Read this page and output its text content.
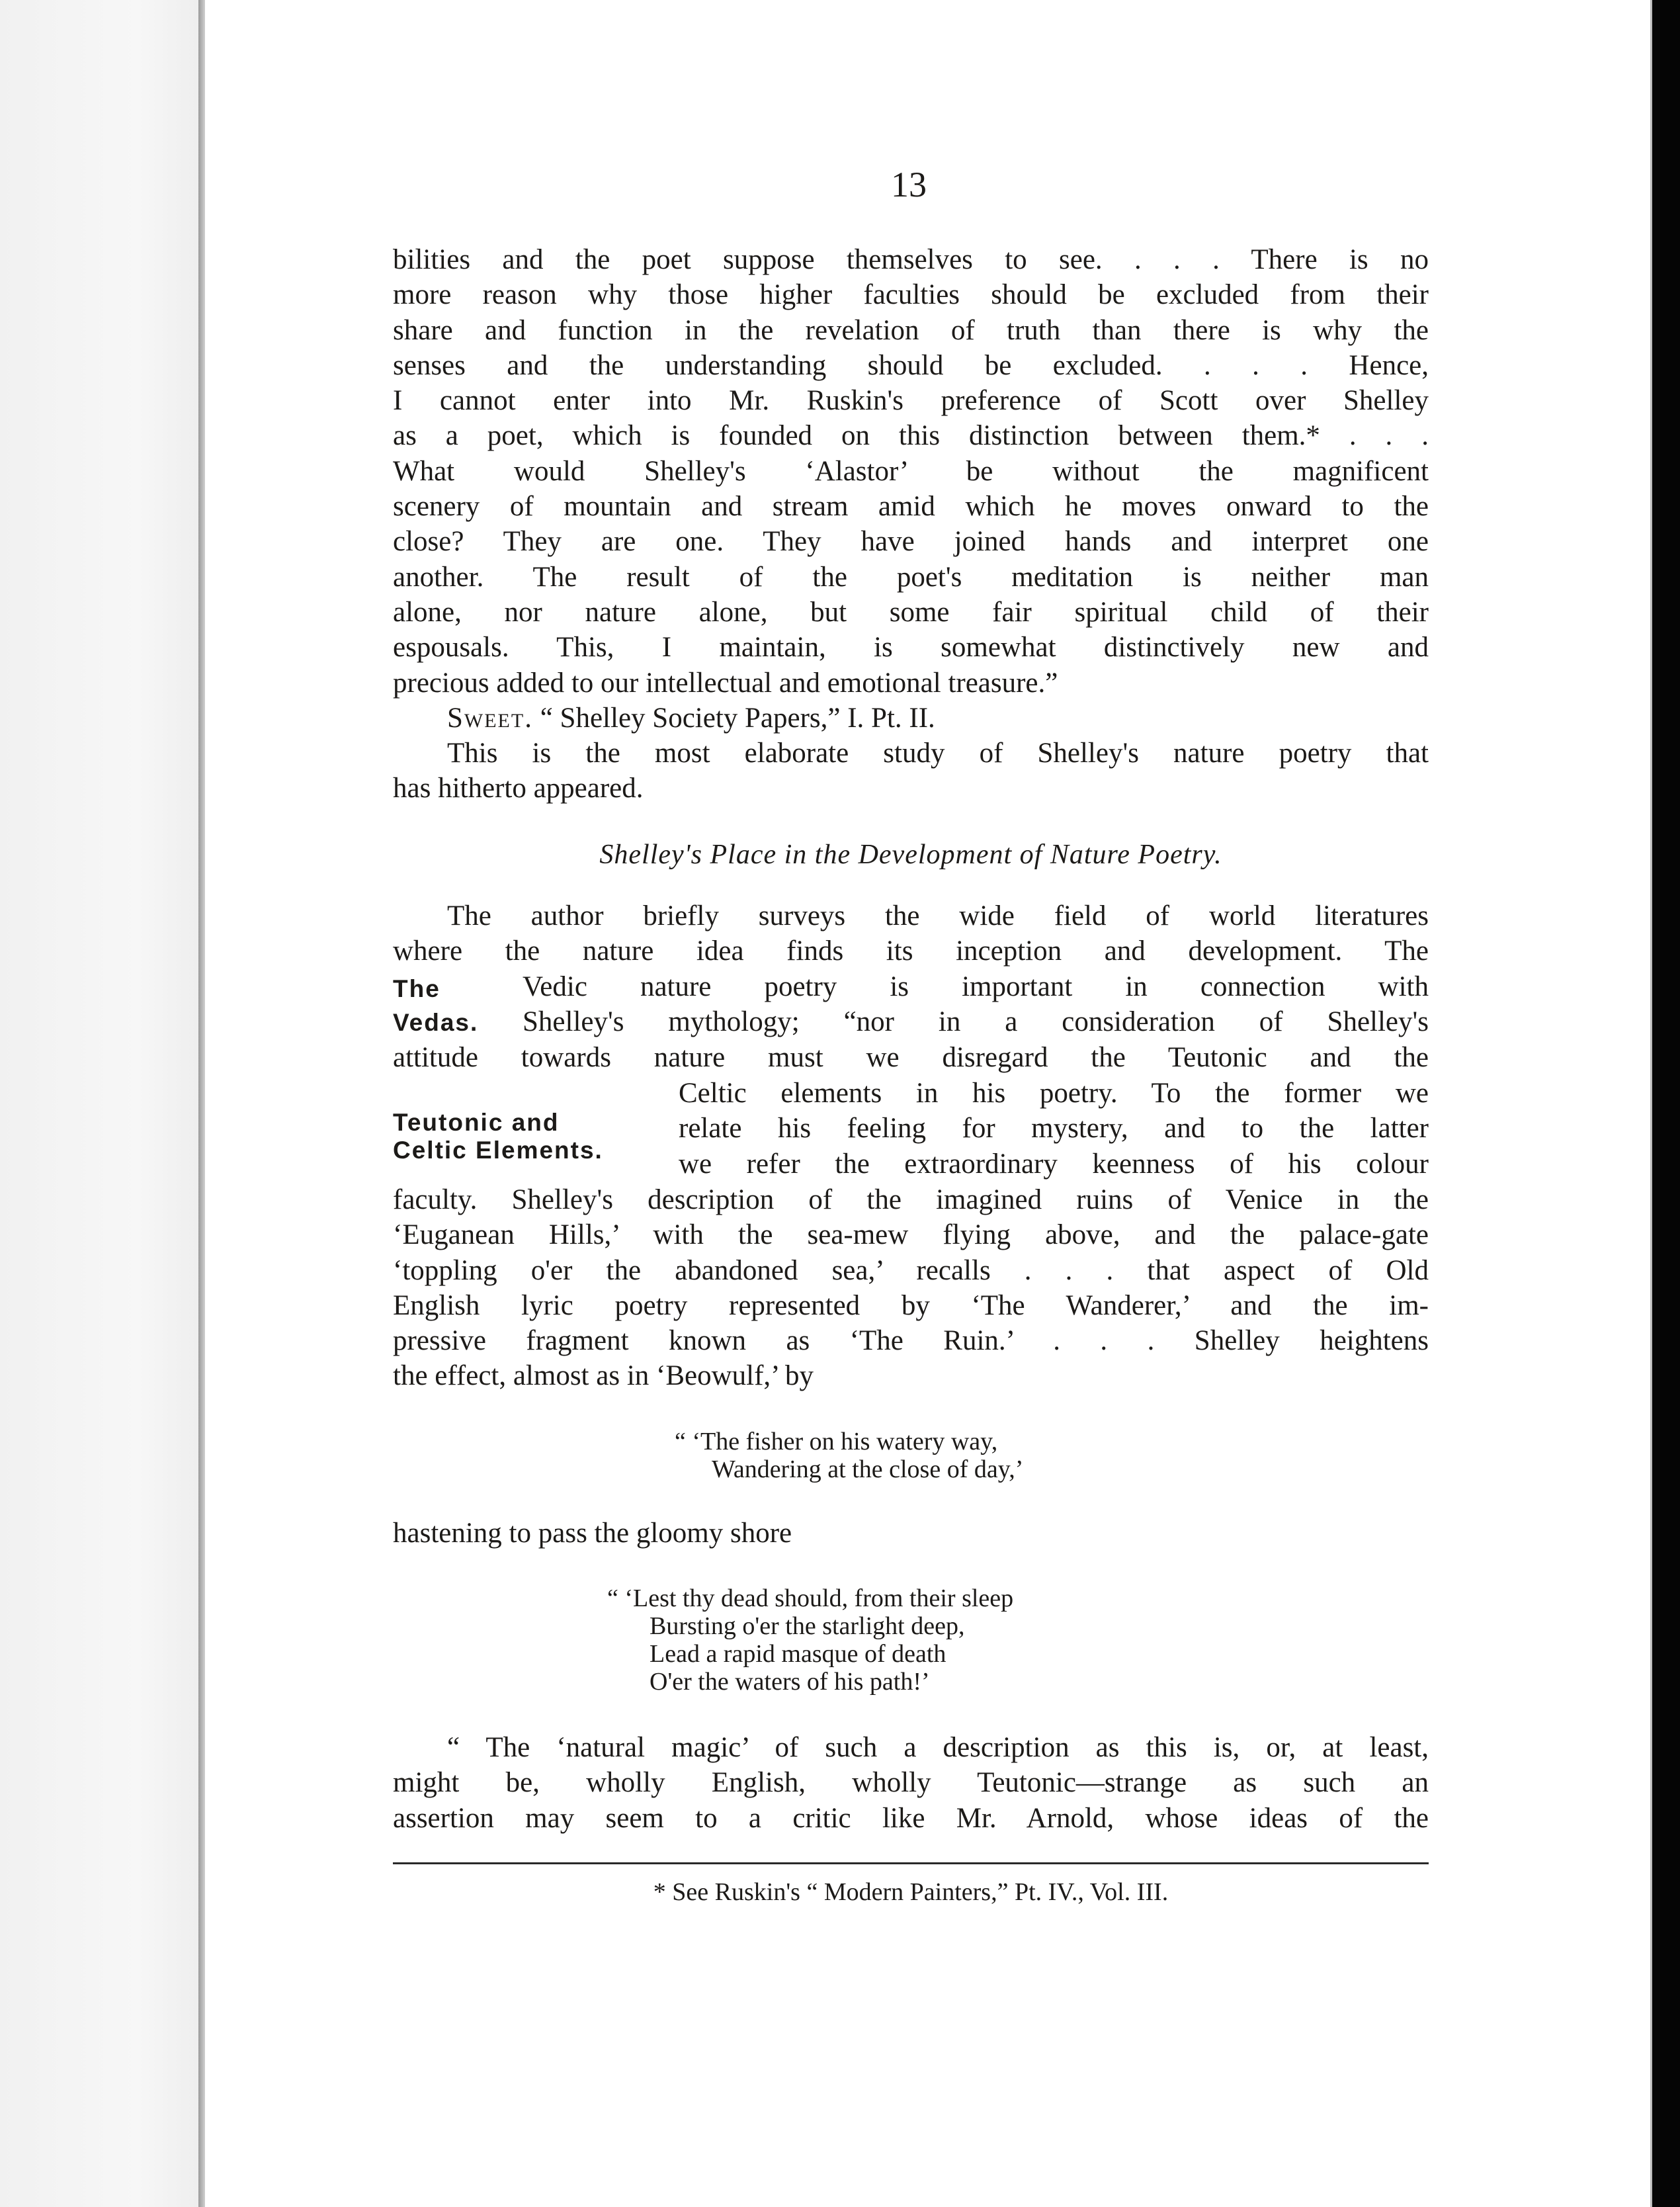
13
bilities and the poet suppose themselves to see. . . . There is no
more reason why those higher faculties should be excluded from their
share and function in the revelation of truth than there is why the
senses and the understanding should be excluded. . . . Hence,
I cannot enter into Mr. Ruskin's preference of Scott over Shelley
as a poet, which is founded on this distinction between them.* . . .
What would Shelley's ‘Alastor’ be without the magnificent
scenery of mountain and stream amid which he moves onward to the
close? They are one. They have joined hands and interpret one
another. The result of the poet's meditation is neither man
alone, nor nature alone, but some fair spiritual child of their
espousals. This, I maintain, is somewhat distinctively new and
precious added to our intellectual and emotional treasure.”
Sweet. “ Shelley Society Papers,” I. Pt. II.
This is the most elaborate study of Shelley's nature poetry that
has hitherto appeared.
Shelley's Place in the Development of Nature Poetry.
The author briefly surveys the wide field of world literatures
where the nature idea finds its inception and development. The
The
Vedas.
Vedic nature poetry is important in connection with
Shelley's mythology; “nor in a consideration of Shelley's
attitude towards nature must we disregard the Teutonic and the
Teutonic and
Celtic Elements.
Celtic elements in his poetry. To the former we
relate his feeling for mystery, and to the latter
we refer the extraordinary keenness of his colour
faculty. Shelley's description of the imagined ruins of Venice in the
‘Euganean Hills,’ with the sea-mew flying above, and the palace-gate
‘toppling o'er the abandoned sea,’ recalls . . . that aspect of Old
English lyric poetry represented by ‘The Wanderer,’ and the im-
pressive fragment known as ‘The Ruin.’ . . . Shelley heightens
the effect, almost as in ‘Beowulf,’ by
“ ‘The fisher on his watery way,
Wandering at the close of day,’
hastening to pass the gloomy shore
“ ‘Lest thy dead should, from their sleep
Bursting o'er the starlight deep,
Lead a rapid masque of death
O'er the waters of his path!’
“ The ‘natural magic’ of such a description as this is, or, at least,
might be, wholly English, wholly Teutonic—strange as such an
assertion may seem to a critic like Mr. Arnold, whose ideas of the
* See Ruskin's “ Modern Painters,” Pt. IV., Vol. III.
